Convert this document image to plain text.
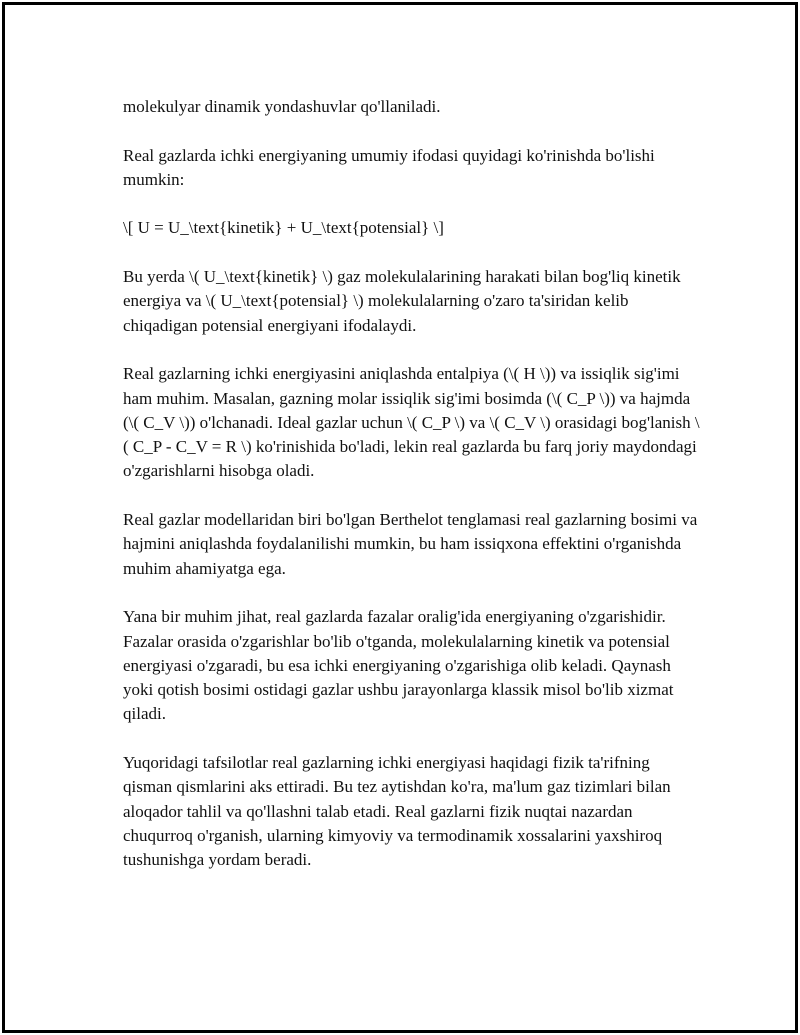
molekulyar dinamik yondashuvlar qo'llaniladi.

Real gazlarda ichki energiyaning umumiy ifodasi quyidagi ko'rinishda bo'lishi mumkin:

\[ U = U_\text{kinetik} + U_\text{potensial} \]

Bu yerda \( U_\text{kinetik} \) gaz molekulalarining harakati bilan bog'liq kinetik energiya va \( U_\text{potensial} \) molekulalarning o'zaro ta'siridan kelib chiqadigan potensial energiyani ifodalaydi.

Real gazlarning ichki energiyasini aniqlashda entalpiya (\( H \)) va issiqlik sig'imi ham muhim. Masalan, gazning molar issiqlik sig'imi bosimda (\( C_P \)) va hajmda (\( C_V \)) o'lchanadi. Ideal gazlar uchun \( C_P \) va \( C_V \) orasidagi bog'lanish \( C_P - C_V = R \) ko'rinishida bo'ladi, lekin real gazlarda bu farq joriy maydondagi o'zgarishlarni hisobga oladi.

Real gazlar modellaridan biri bo'lgan Berthelot tenglamasi real gazlarning bosimi va hajmini aniqlashda foydalanilishi mumkin, bu ham issiqxona effektini o'rganishda muhim ahamiyatga ega.

Yana bir muhim jihat, real gazlarda fazalar oralig'ida energiyaning o'zgarishidir. Fazalar orasida o'zgarishlar bo'lib o'tganda, molekulalarning kinetik va potensial energiyasi o'zgaradi, bu esa ichki energiyaning o'zgarishiga olib keladi. Qaynash yoki qotish bosimi ostidagi gazlar ushbu jarayonlarga klassik misol bo'lib xizmat qiladi.

Yuqoridagi tafsilotlar real gazlarning ichki energiyasi haqidagi fizik ta'rifning qisman qismlarini aks ettiradi. Bu tez aytishdan ko'ra, ma'lum gaz tizimlari bilan aloqador tahlil va qo'llashni talab etadi. Real gazlarni fizik nuqtai nazardan chuqurroq o'rganish, ularning kimyoviy va termodinamik xossalarini yaxshiroq tushunishga yordam beradi.
